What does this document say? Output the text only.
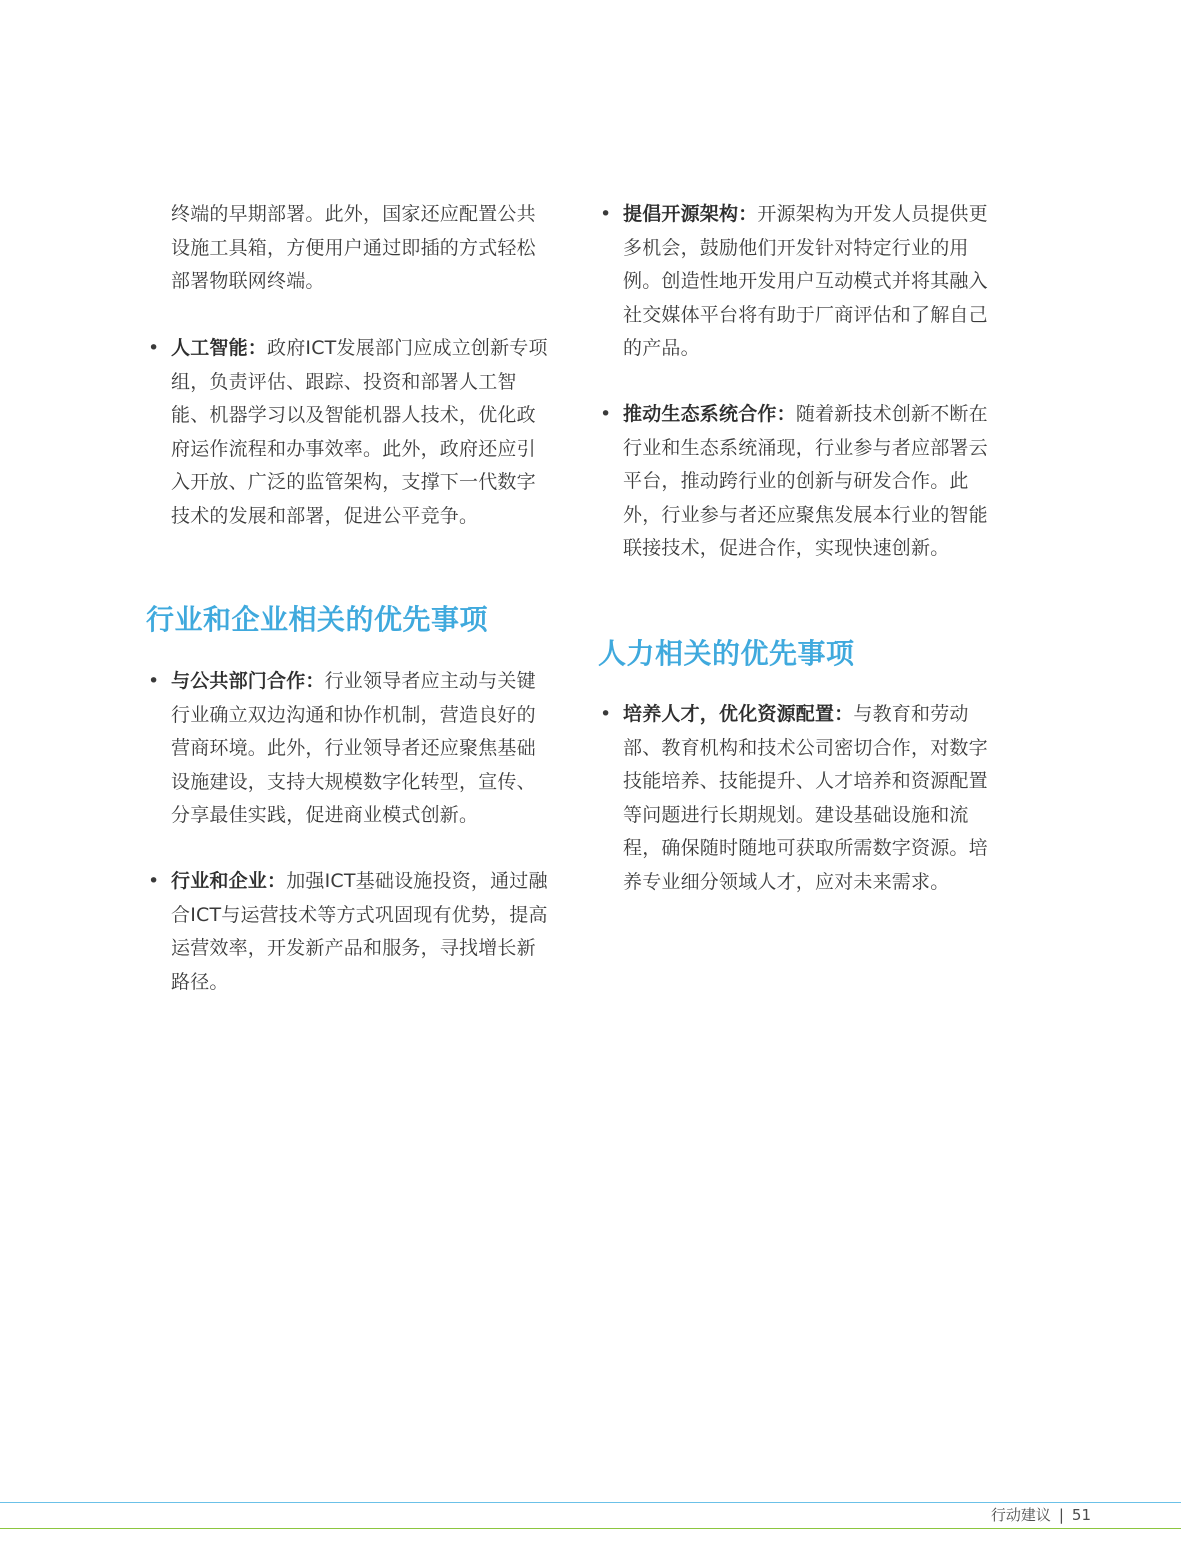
终端的早期部署。此外，国家还应配置公共设施工具箱，方便用户通过即插的方式轻松部署物联网终端。

• 人工智能：政府ICT发展部门应成立创新专项组，负责评估、跟踪、投资和部署人工智能、机器学习以及智能机器人技术，优化政府运作流程和办事效率。此外，政府还应引入开放、广泛的监管架构，支撑下一代数字技术的发展和部署，促进公平竞争。
行业和企业相关的优先事项
• 与公共部门合作：行业领导者应主动与关键行业确立双边沟通和协作机制，营造良好的营商环境。此外，行业领导者还应聚焦基础设施建设，支持大规模数字化转型，宣传、分享最佳实践，促进商业模式创新。
• 行业和企业：加强ICT基础设施投资，通过融合ICT与运营技术等方式巩固现有优势，提高运营效率，开发新产品和服务，寻找增长新路径。
• 提倡开源架构：开源架构为开发人员提供更多机会，鼓励他们开发针对特定行业的用例。创造性地开发用户互动模式并将其融入社交媒体平台将有助于厂商评估和了解自己的产品。
• 推动生态系统合作：随着新技术创新不断在行业和生态系统涌现，行业参与者应部署云平台，推动跨行业的创新与研发合作。此外，行业参与者还应聚焦发展本行业的智能联接技术，促进合作，实现快速创新。
人力相关的优先事项
• 培养人才，优化资源配置：与教育和劳动部、教育机构和技术公司密切合作，对数字技能培养、技能提升、人才培养和资源配置等问题进行长期规划。建设基础设施和流程，确保随时随地可获取所需数字资源。培养专业细分领域人才，应对未来需求。
行动建议 | 51
